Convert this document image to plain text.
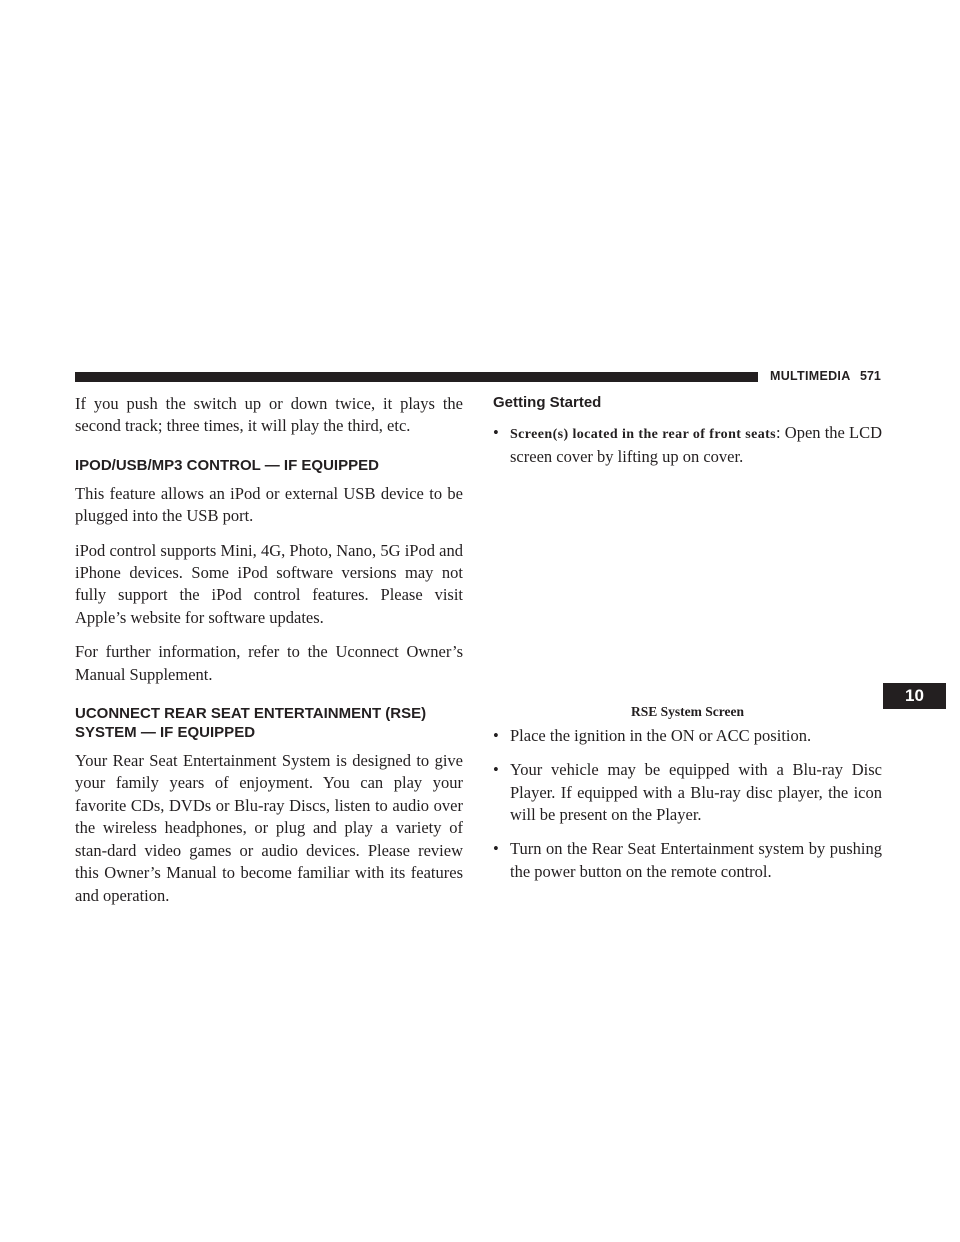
MULTIMEDIA 571

If you push the switch up or down twice, it plays the second track; three times, it will play the third, etc.

IPOD/USB/MP3 CONTROL — IF EQUIPPED

This feature allows an iPod or external USB device to be plugged into the USB port.

iPod control supports Mini, 4G, Photo, Nano, 5G iPod and iPhone devices. Some iPod software versions may not fully support the iPod control features. Please visit Apple’s website for software updates.

For further information, refer to the Uconnect Owner’s Manual Supplement.

UCONNECT REAR SEAT ENTERTAINMENT (RSE)
SYSTEM — IF EQUIPPED

Your Rear Seat Entertainment System is designed to give your family years of enjoyment. You can play your favorite CDs, DVDs or Blu-ray Discs, listen to audio over the wireless headphones, or plug and play a variety of stan-dard video games or audio devices. Please review this Owner’s Manual to become familiar with its features and operation.

Getting Started
• Screen(s) located in the rear of front seats: Open the LCD screen cover by lifting up on cover.

RSE System Screen
• Place the ignition in the ON or ACC position.

• Your vehicle may be equipped with a Blu-ray Disc Player. If equipped with a Blu-ray disc player, the icon will be present on the Player.

• Turn on the Rear Seat Entertainment system by pushing the power button on the remote control.

10
